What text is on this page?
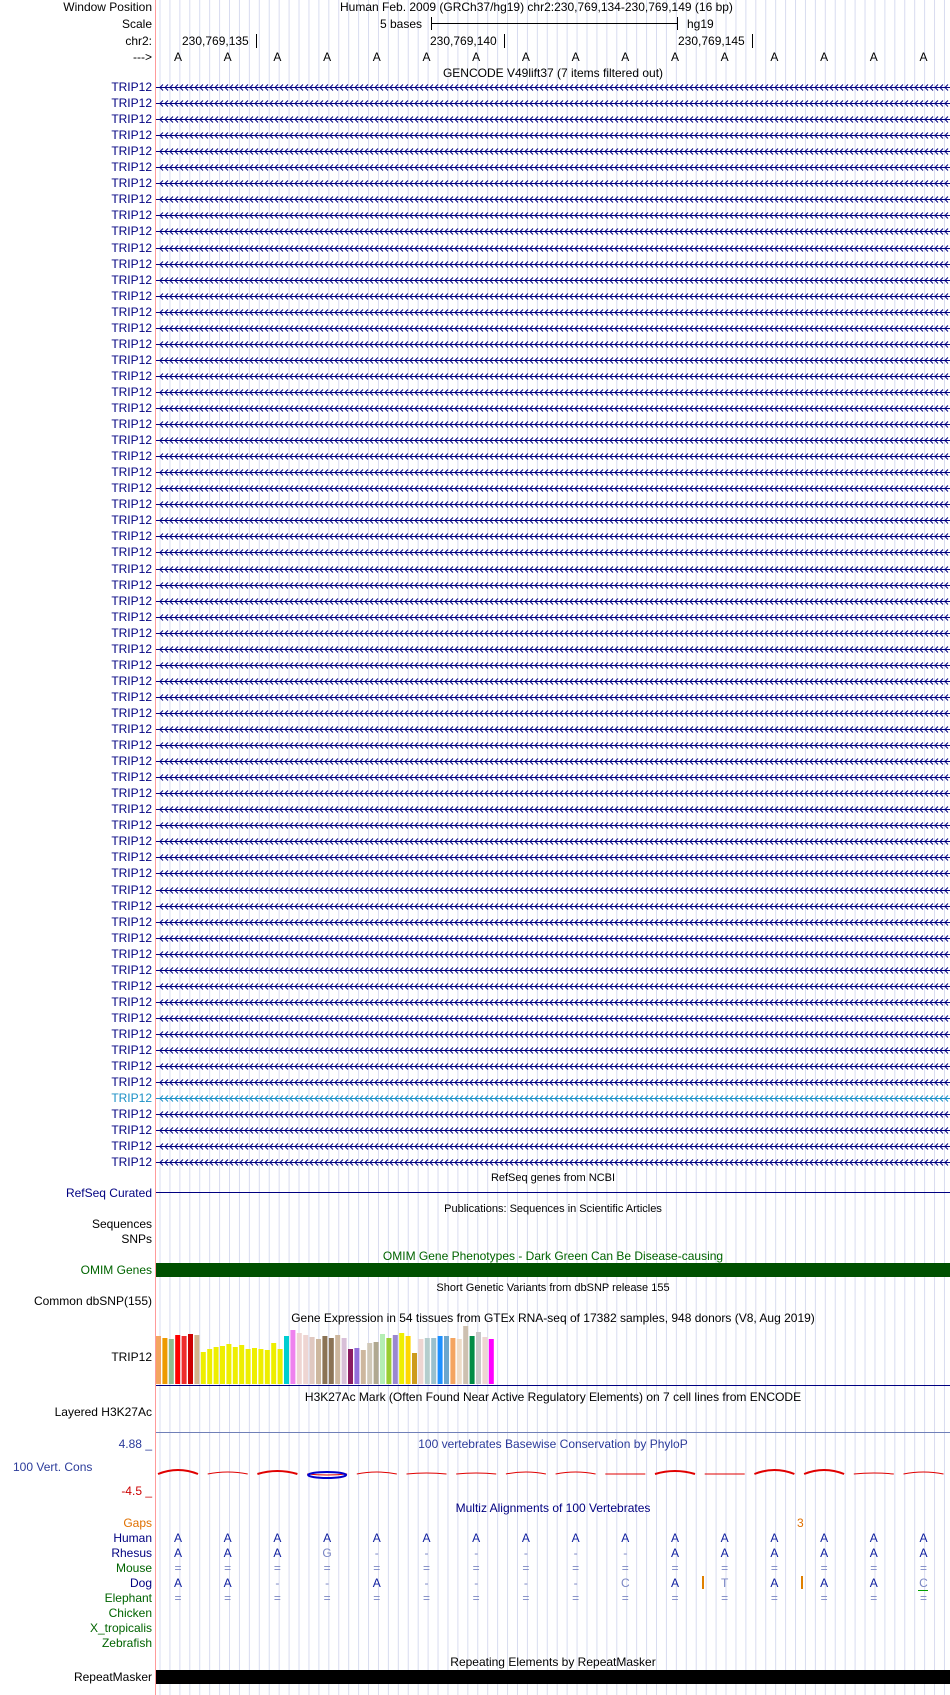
Window Position	Human Feb. 2009 (GRCh37/hg19) chr2:230,769,134-230,769,149 (16 bp)
Scale	5 bases	hg19
chr2:	230,769,135	230,769,140	230,769,145
--->	A	A	A	A	A	A	A	A	A	A	A	A	A	A	A	A
GENCODE V49lift37 (7 items filtered out)
TRIP12
TRIP12
TRIP12
TRIP12
TRIP12
TRIP12
TRIP12
TRIP12
TRIP12
TRIP12
TRIP12
TRIP12
TRIP12
TRIP12
TRIP12
TRIP12
TRIP12
TRIP12
TRIP12
TRIP12
TRIP12
TRIP12
TRIP12
TRIP12
TRIP12
TRIP12
TRIP12
TRIP12
TRIP12
TRIP12
TRIP12
TRIP12
TRIP12
TRIP12
TRIP12
TRIP12
TRIP12
TRIP12
TRIP12
TRIP12
TRIP12
TRIP12
TRIP12
TRIP12
TRIP12
TRIP12
TRIP12
TRIP12
TRIP12
TRIP12
TRIP12
TRIP12
TRIP12
TRIP12
TRIP12
TRIP12
TRIP12
TRIP12
TRIP12
TRIP12
TRIP12
TRIP12
TRIP12
TRIP12
TRIP12
TRIP12
TRIP12
TRIP12
RefSeq genes from NCBI
RefSeq Curated
Publications: Sequences in Scientific Articles
Sequences
SNPs
OMIM Gene Phenotypes - Dark Green Can Be Disease-causing
OMIM Genes
Short Genetic Variants from dbSNP release 155
Common dbSNP(155)
Gene Expression in 54 tissues from GTEx RNA-seq of 17382 samples, 948 donors (V8, Aug 2019)
TRIP12
H3K27Ac Mark (Often Found Near Active Regulatory Elements) on 7 cell lines from ENCODE
Layered H3K27Ac
100 vertebrates Basewise Conservation by PhyloP
4.88 _
100 Vert. Cons
-4.5 _
Multiz Alignments of 100 Vertebrates
Gaps	3
Human	A	A	A	A	A	A	A	A	A	A	A	A	A	A	A	A
Rhesus	A	A	A	G	-	-	-	-	-	-	A	A	A	A	A	A
Mouse	=	=	=	=	=	=	=	=	=	=	=	=	=	=	=	=
Dog	A	A	-	-	A	-	-	-	-	C	A	T	A	A	A	C
Elephant	=	=	=	=	=	=	=	=	=	=	=	=	=	=	=	=
Chicken
X_tropicalis
Zebrafish
Repeating Elements by RepeatMasker
RepeatMasker
